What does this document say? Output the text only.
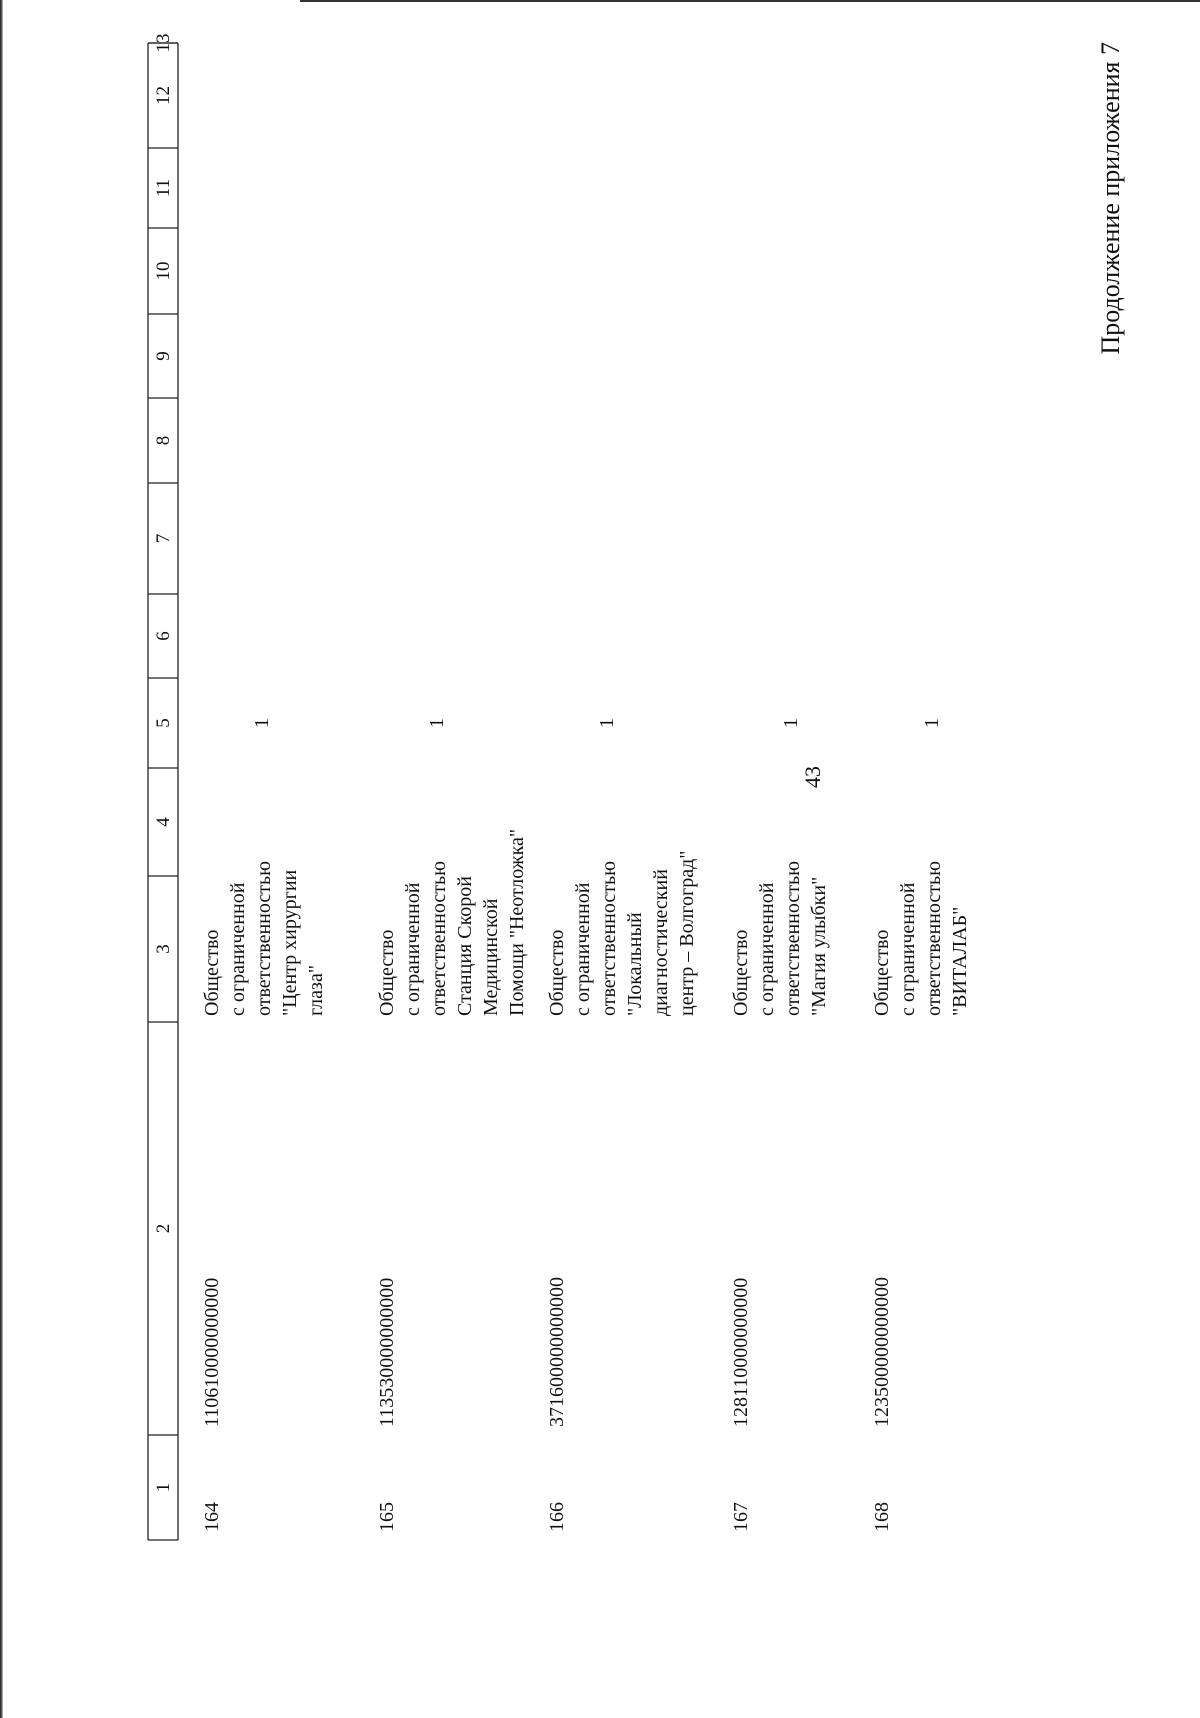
43
Продолжение приложения 7
1
2
3
4
5
6
7
8
9
10
11
12
13
164
110610000000000
Общество с ограниченной ответственностью "Центр хирургии глаза"
1
165
113530000000000
Общество с ограниченной ответственностью Станция Скорой Медицинской Помощи "Неотложка"
1
166
371600000000000
Общество с ограниченной ответственностью "Локальный диагностический центр – Волгоград"
1
167
128110000000000
Общество с ограниченной ответственностью "Магия улыбки"
1
168
123500000000000
Общество с ограниченной ответственностью "ВИТАЛАБ"
1
